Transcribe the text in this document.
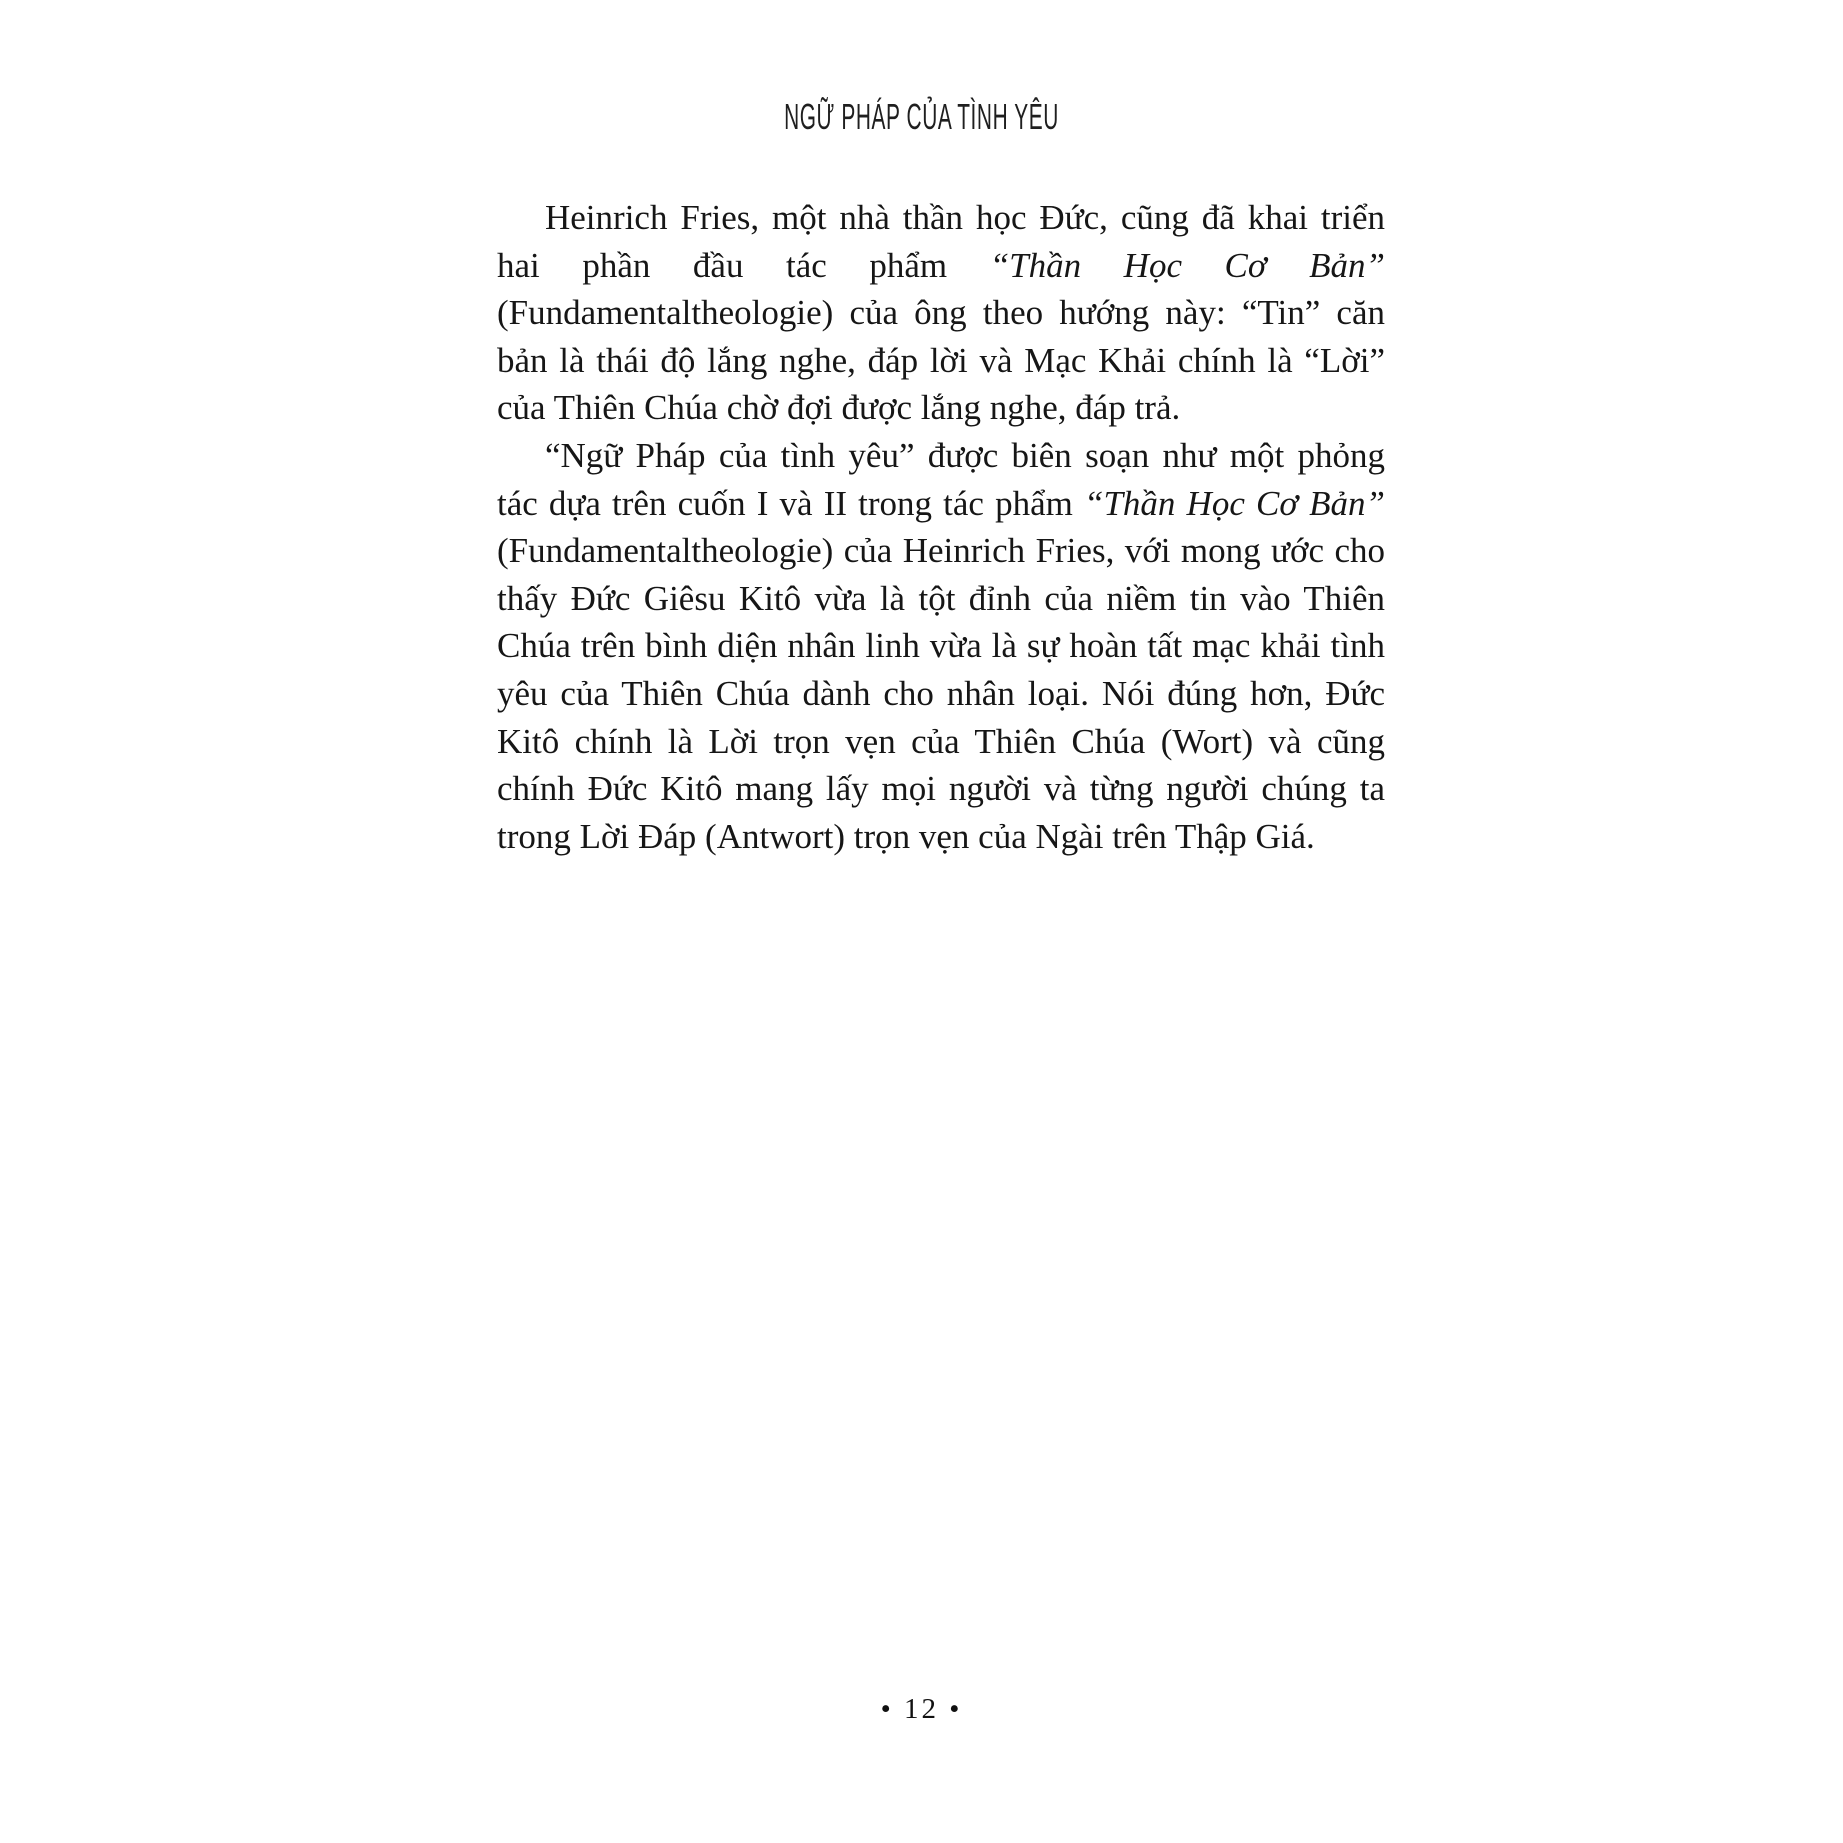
NGỮ PHÁP CỦA TÌNH YÊU

Heinrich Fries, một nhà thần học Đức, cũng đã khai triển hai phần đầu tác phẩm “Thần Học Cơ Bản” (Fundamentaltheologie) của ông theo hướng này: “Tin” căn bản là thái độ lắng nghe, đáp lời và Mạc Khải chính là “Lời” của Thiên Chúa chờ đợi được lắng nghe, đáp trả.

“Ngữ Pháp của tình yêu” được biên soạn như một phỏng tác dựa trên cuốn I và II trong tác phẩm “Thần Học Cơ Bản” (Fundamentaltheologie) của Heinrich Fries, với mong ước cho thấy Đức Giêsu Kitô vừa là tột đỉnh của niềm tin vào Thiên Chúa trên bình diện nhân linh vừa là sự hoàn tất mạc khải tình yêu của Thiên Chúa dành cho nhân loại. Nói đúng hơn, Đức Kitô chính là Lời trọn vẹn của Thiên Chúa (Wort) và cũng chính Đức Kitô mang lấy mọi người và từng người chúng ta trong Lời Đáp (Antwort) trọn vẹn của Ngài trên Thập Giá.

• 12 •
